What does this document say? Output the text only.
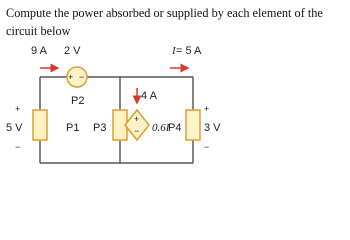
Compute the power absorbed or supplied by each element of the circuit below
9 A 2 V	I = 5 A
+ −
P2	4 A
+
5 V
−
P1 P3
+
− 0.6I
P4
+
3 V
−
